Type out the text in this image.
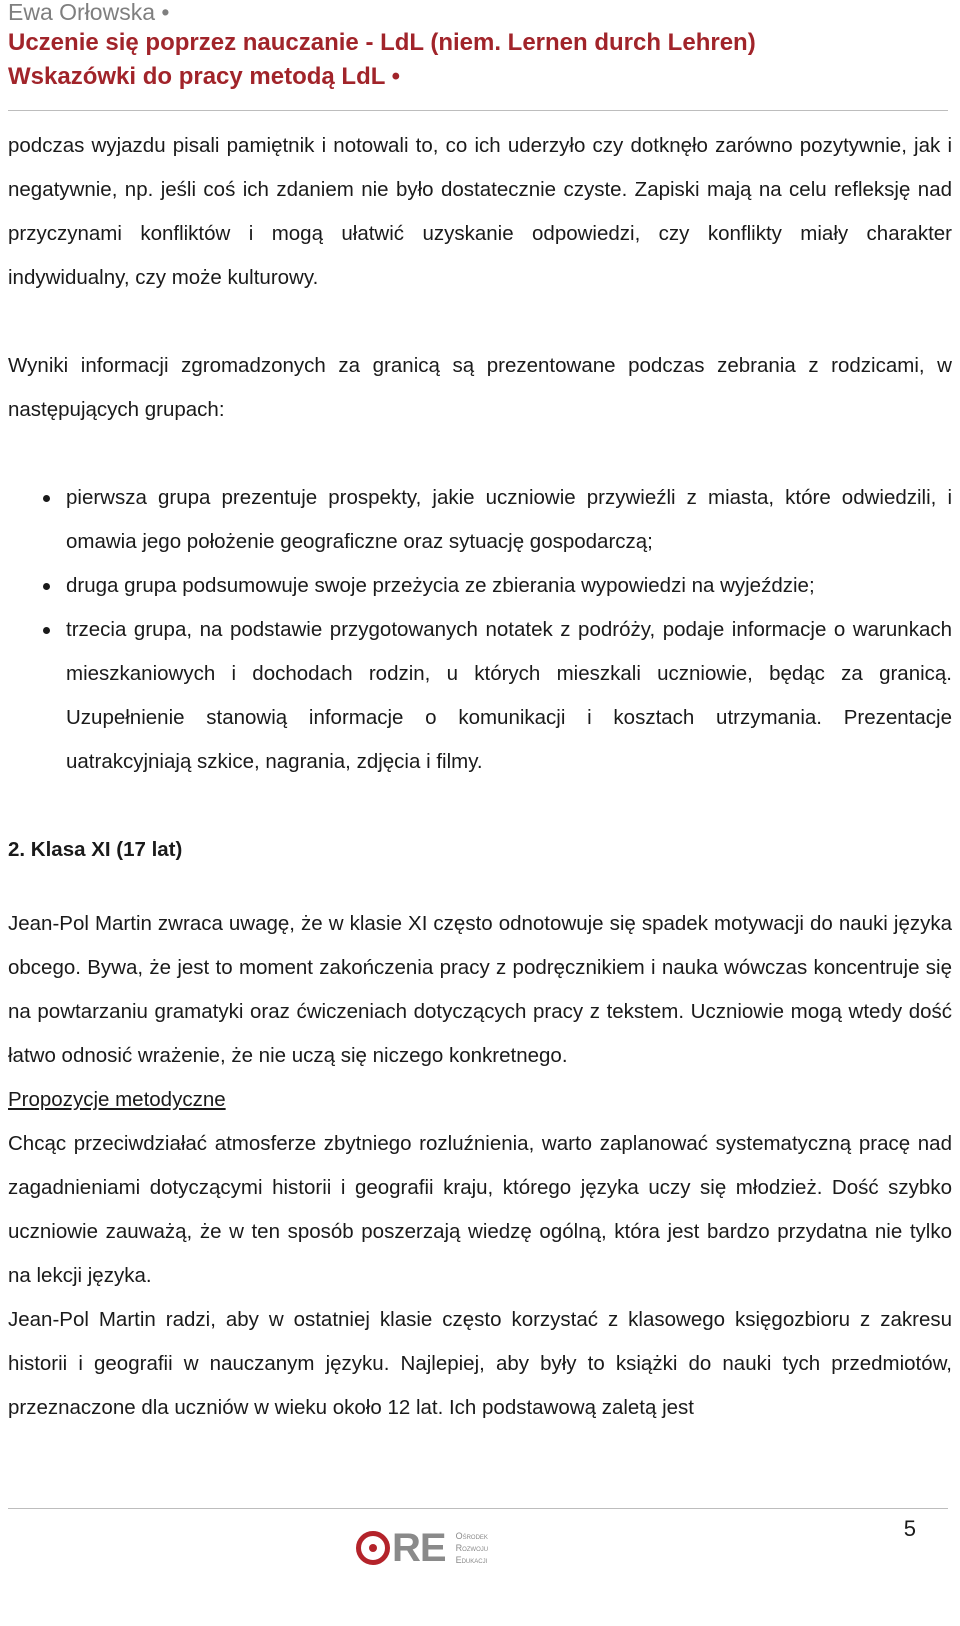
Ewa Orłowska •
Uczenie się poprzez nauczanie - LdL (niem. Lernen durch Lehren)
Wskazówki do pracy metodą LdL •

podczas wyjazdu pisali pamiętnik i notowali to, co ich uderzyło czy dotknęło zarówno pozytywnie, jak i negatywnie, np. jeśli coś ich zdaniem nie było dostatecznie czyste. Zapiski mają na celu refleksję nad przyczynami konfliktów i mogą ułatwić uzyskanie odpowiedzi, czy konflikty miały charakter indywidualny, czy może kulturowy.

Wyniki informacji zgromadzonych za granicą są prezentowane podczas zebrania z rodzicami, w następujących grupach:

pierwsza grupa prezentuje prospekty, jakie uczniowie przywieźli z miasta, które odwiedzili, i omawia jego położenie geograficzne oraz sytuację gospodarczą;
druga grupa podsumowuje swoje przeżycia ze zbierania wypowiedzi na wyjeździe;
trzecia grupa, na podstawie przygotowanych notatek z podróży, podaje informacje o warunkach mieszkaniowych i dochodach rodzin, u których mieszkali uczniowie, będąc za granicą. Uzupełnienie stanowią informacje o komunikacji i kosztach utrzymania. Prezentacje uatrakcyjniają szkice, nagrania, zdjęcia i filmy.
2. Klasa XI (17 lat)

Jean-Pol Martin zwraca uwagę, że w klasie XI często odnotowuje się spadek motywacji do nauki języka obcego. Bywa, że jest to moment zakończenia pracy z podręcznikiem i nauka wówczas koncentruje się na powtarzaniu gramatyki oraz ćwiczeniach dotyczących pracy z tekstem. Uczniowie mogą wtedy dość łatwo odnosić wrażenie, że nie uczą się niczego konkretnego.

Propozycje metodyczne

Chcąc przeciwdziałać atmosferze zbytniego rozluźnienia, warto zaplanować systematyczną pracę nad zagadnieniami dotyczącymi historii i geografii kraju, którego języka uczy się młodzież. Dość szybko uczniowie zauważą, że w ten sposób poszerzają wiedzę ogólną, która jest bardzo przydatna nie tylko na lekcji języka.

Jean-Pol Martin radzi, aby w ostatniej klasie często korzystać z klasowego księgozbioru z zakresu historii i geografii w nauczanym języku. Najlepiej, aby były to książki do nauki tych przedmiotów, przeznaczone dla uczniów w wieku około 12 lat. Ich podstawową zaletą jest

5
RE Ośrodek
Rozwoju
Edukacji
